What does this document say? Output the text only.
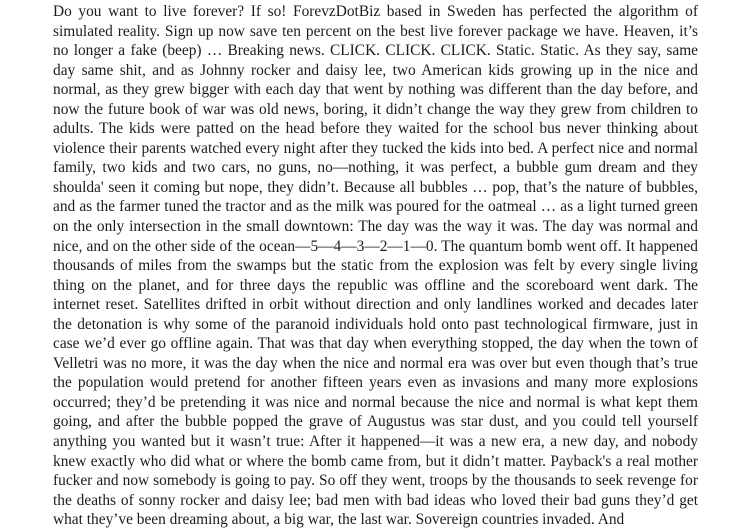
Do you want to live forever? If so! ForevzDotBiz based in Sweden has perfected the algorithm of simulated reality. Sign up now save ten percent on the best live forever package we have. Heaven, it’s no longer a fake (beep) … Breaking news. CLICK. CLICK. CLICK. Static. Static. As they say, same day same shit, and as Johnny rocker and daisy lee, two American kids growing up in the nice and normal, as they grew bigger with each day that went by nothing was different than the day before, and now the future book of war was old news, boring, it didn’t change the way they grew from children to adults. The kids were patted on the head before they waited for the school bus never thinking about violence their parents watched every night after they tucked the kids into bed. A perfect nice and normal family, two kids and two cars, no guns, no—nothing, it was perfect, a bubble gum dream and they shoulda' seen it coming but nope, they didn’t. Because all bubbles … pop, that’s the nature of bubbles, and as the farmer tuned the tractor and as the milk was poured for the oatmeal … as a light turned green on the only intersection in the small downtown: The day was the way it was. The day was normal and nice, and on the other side of the ocean—5—4—3—2—1—0. The quantum bomb went off. It happened thousands of miles from the swamps but the static from the explosion was felt by every single living thing on the planet, and for three days the republic was offline and the scoreboard went dark. The internet reset. Satellites drifted in orbit without direction and only landlines worked and decades later the detonation is why some of the paranoid individuals hold onto past technological firmware, just in case we’d ever go offline again. That was that day when everything stopped, the day when the town of Velletri was no more, it was the day when the nice and normal era was over but even though that’s true the population would pretend for another fifteen years even as invasions and many more explosions occurred; they’d be pretending it was nice and normal because the nice and normal is what kept them going, and after the bubble popped the grave of Augustus was star dust, and you could tell yourself anything you wanted but it wasn’t true: After it happened—it was a new era, a new day, and nobody knew exactly who did what or where the bomb came from, but it didn’t matter. Payback's a real mother fucker and now somebody is going to pay. So off they went, troops by the thousands to seek revenge for the deaths of sonny rocker and daisy lee; bad men with bad ideas who loved their bad guns they’d get what they’ve been dreaming about, a big war, the last war. Sovereign countries invaded. And
